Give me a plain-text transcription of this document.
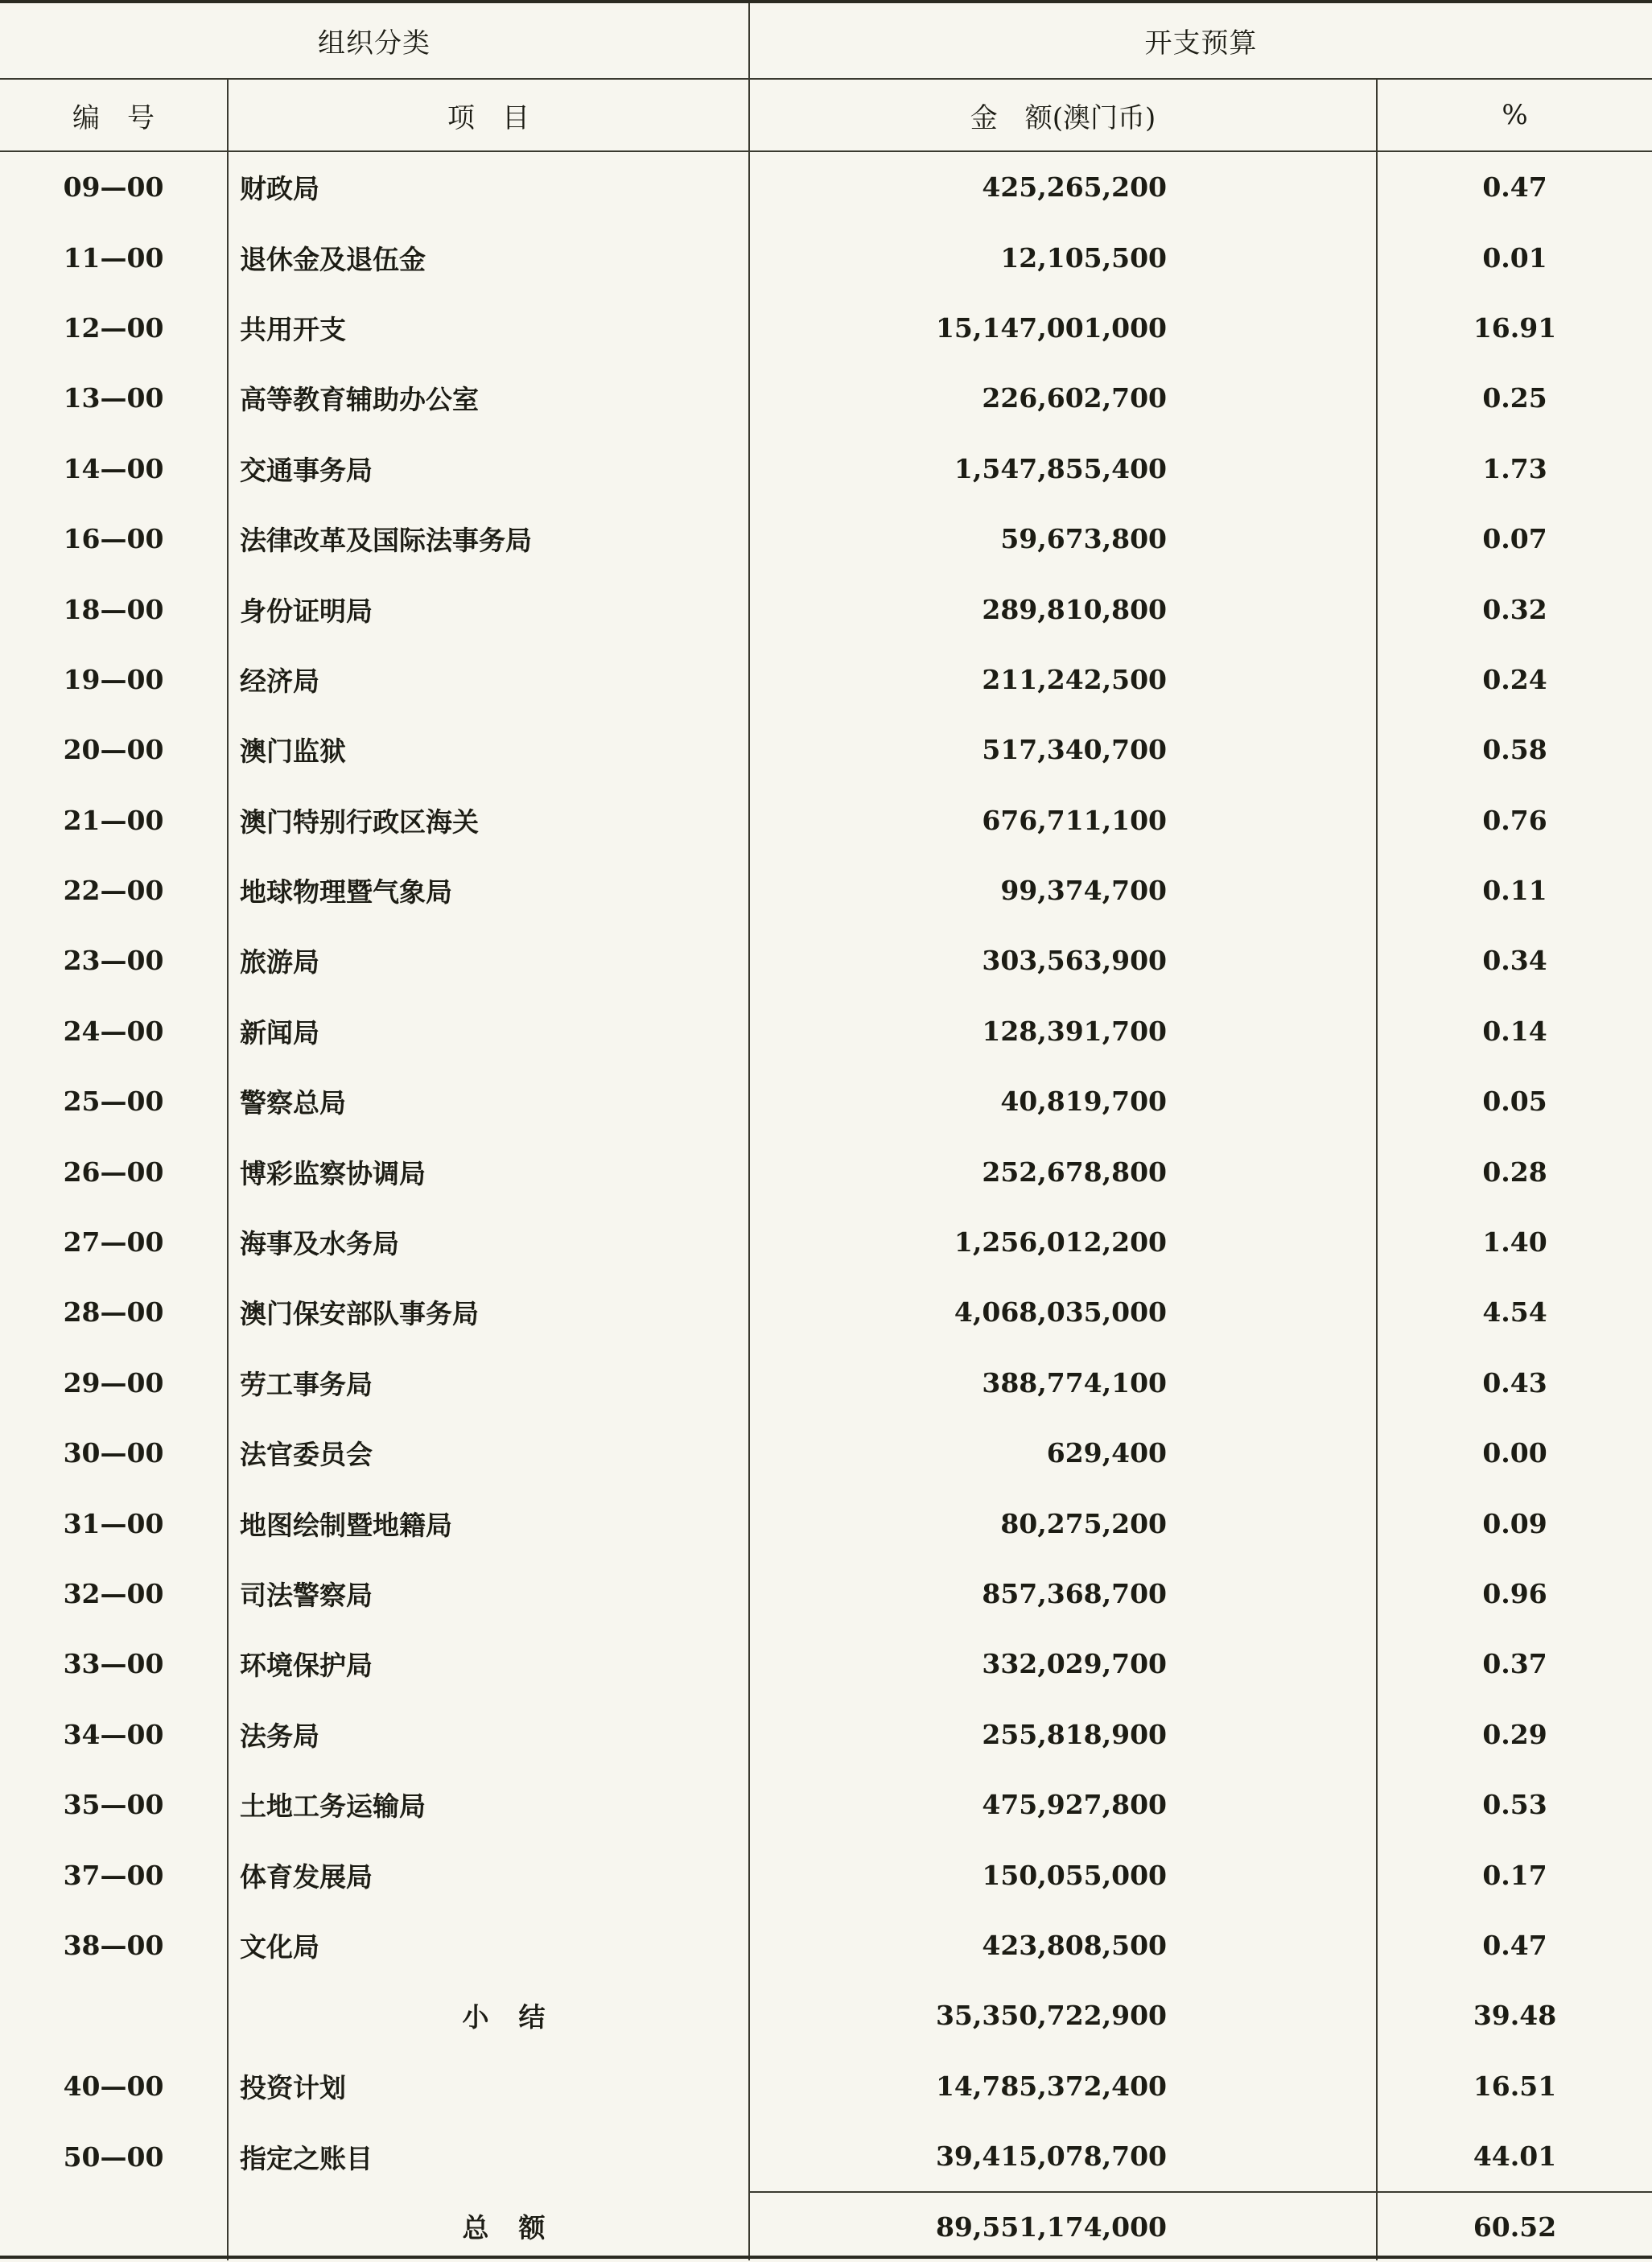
组织分类		开支预算	
编　号	项　目	金　额(澳门币)	%
09—00	财政局	425,265,200	0.47
11—00	退休金及退伍金	12,105,500	0.01
12—00	共用开支	15,147,001,000	16.91
13—00	高等教育辅助办公室	226,602,700	0.25
14—00	交通事务局	1,547,855,400	1.73
16—00	法律改革及国际法事务局	59,673,800	0.07
18—00	身份证明局	289,810,800	0.32
19—00	经济局	211,242,500	0.24
20—00	澳门监狱	517,340,700	0.58
21—00	澳门特别行政区海关	676,711,100	0.76
22—00	地球物理暨气象局	99,374,700	0.11
23—00	旅游局	303,563,900	0.34
24—00	新闻局	128,391,700	0.14
25—00	警察总局	40,819,700	0.05
26—00	博彩监察协调局	252,678,800	0.28
27—00	海事及水务局	1,256,012,200	1.40
28—00	澳门保安部队事务局	4,068,035,000	4.54
29—00	劳工事务局	388,774,100	0.43
30—00	法官委员会	629,400	0.00
31—00	地图绘制暨地籍局	80,275,200	0.09
32—00	司法警察局	857,368,700	0.96
33—00	环境保护局	332,029,700	0.37
34—00	法务局	255,818,900	0.29
35—00	土地工务运输局	475,927,800	0.53
37—00	体育发展局	150,055,000	0.17
38—00	文化局	423,808,500	0.47
	小　结	35,350,722,900	39.48
40—00	投资计划	14,785,372,400	16.51
50—00	指定之账目	39,415,078,700	44.01
	总　额	89,551,174,000	60.52
